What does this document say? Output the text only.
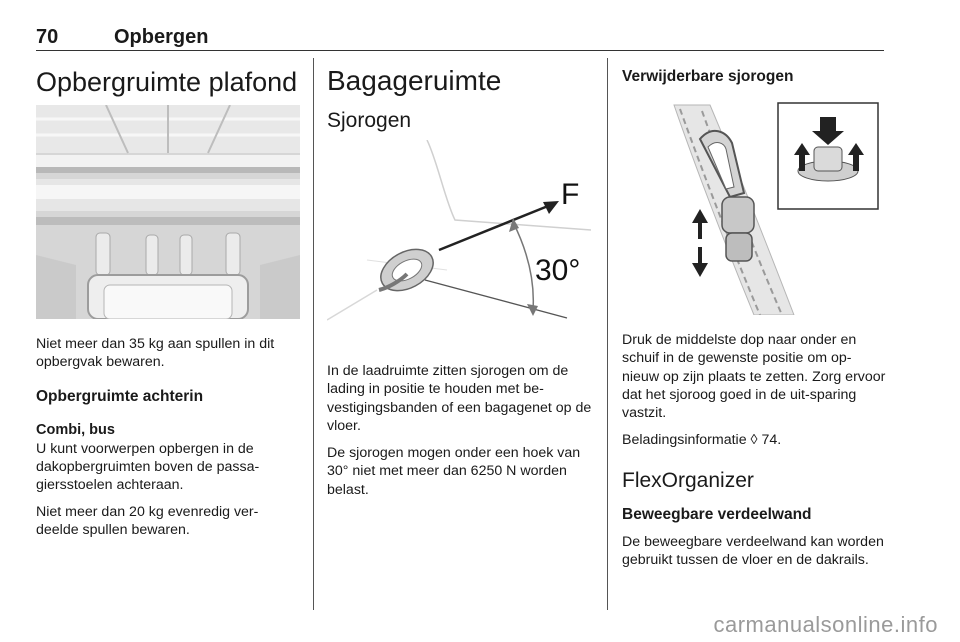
70	Opbergen
Opbergruimte plafond

Niet meer dan 35 kg aan spullen in dit opbergvak bewaren.

Opbergruimte achterin
Combi, bus

U kunt voorwerpen opbergen in de dakopbergruimten boven de passa-giersstoelen achteraan.

Niet meer dan 20 kg evenredig ver-deelde spullen bewaren.

Bagageruimte
Sjorogen
F
30°

In de laadruimte zitten sjorogen om de lading in positie te houden met be-vestigingsbanden of een bagagenet op de vloer.

De sjorogen mogen onder een hoek van 30° niet met meer dan 6250 N worden belast.

Verwijderbare sjorogen

Druk de middelste dop naar onder en schuif in de gewenste positie om op-nieuw op zijn plaats te zetten. Zorg ervoor dat het sjoroog goed in de uit-sparing vastzit.

Beladingsinformatie ◊ 74.

FlexOrganizer
Beweegbare verdeelwand

De beweegbare verdeelwand kan worden gebruikt tussen de vloer en de dakrails.

carmanualsonline.info
